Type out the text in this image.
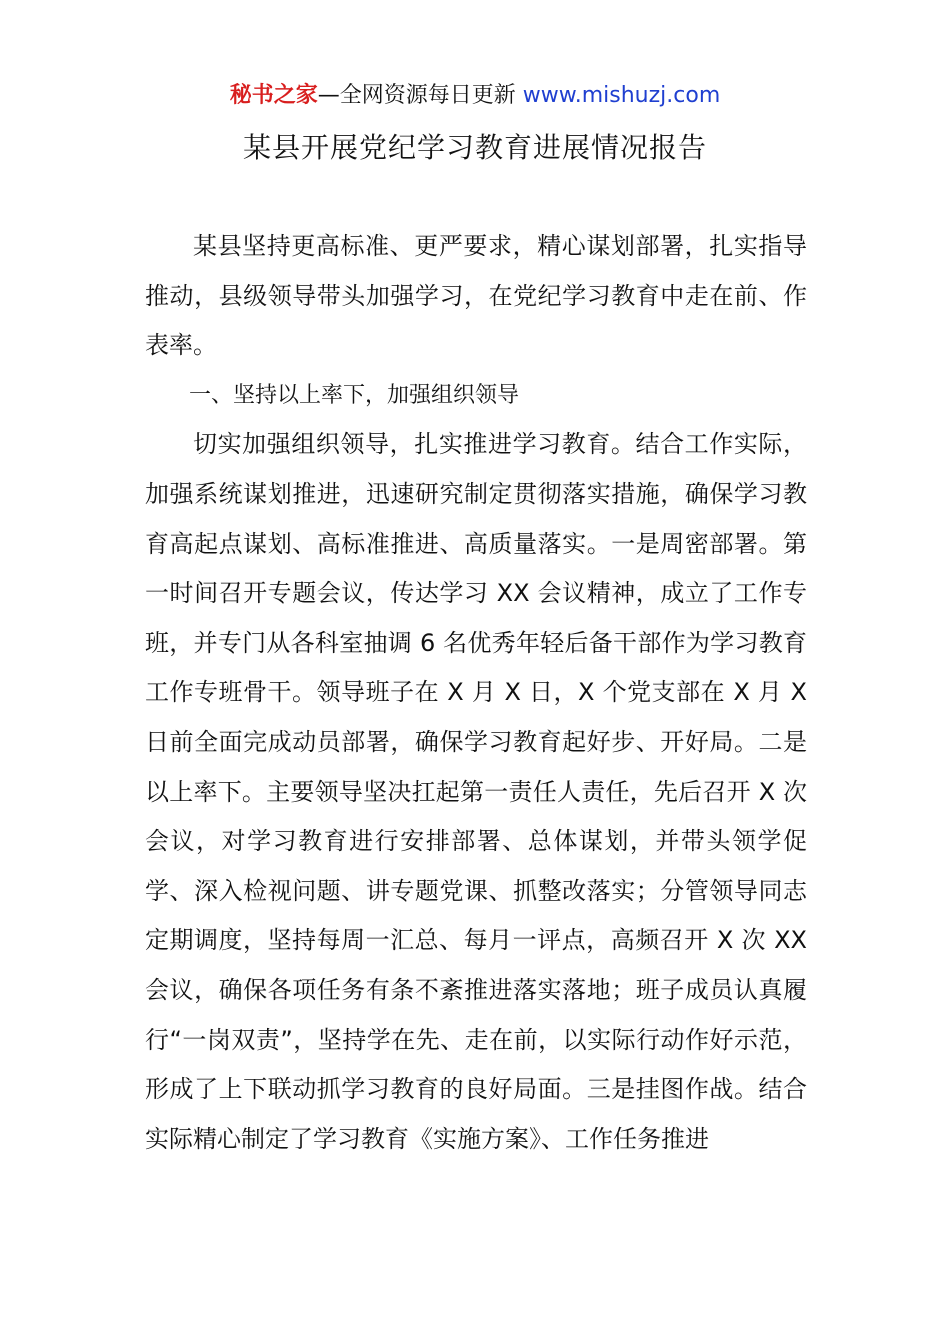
秘书之家—全网资源每日更新 www.mishuzj.com
某县开展党纪学习教育进展情况报告

某县坚持更高标准、更严要求，精心谋划部署，扎实指导推动，县级领导带头加强学习，在党纪学习教育中走在前、作表率。

一、坚持以上率下，加强组织领导

切实加强组织领导，扎实推进学习教育。结合工作实际，加强系统谋划推进，迅速研究制定贯彻落实措施，确保学习教育高起点谋划、高标准推进、高质量落实。一是周密部署。第一时间召开专题会议，传达学习 XX 会议精神，成立了工作专班，并专门从各科室抽调 6 名优秀年轻后备干部作为学习教育工作专班骨干。领导班子在 X 月 X 日，X 个党支部在 X 月 X 日前全面完成动员部署，确保学习教育起好步、开好局。二是以上率下。主要领导坚决扛起第一责任人责任，先后召开 X 次会议，对学习教育进行安排部署、总体谋划，并带头领学促学、深入检视问题、讲专题党课、抓整改落实；分管领导同志定期调度，坚持每周一汇总、每月一评点，高频召开 X 次 XX 会议，确保各项任务有条不紊推进落实落地；班子成员认真履行“一岗双责”，坚持学在先、走在前，以实际行动作好示范，形成了上下联动抓学习教育的良好局面。三是挂图作战。结合实际精心制定了学习教育《实施方案》、工作任务推进
